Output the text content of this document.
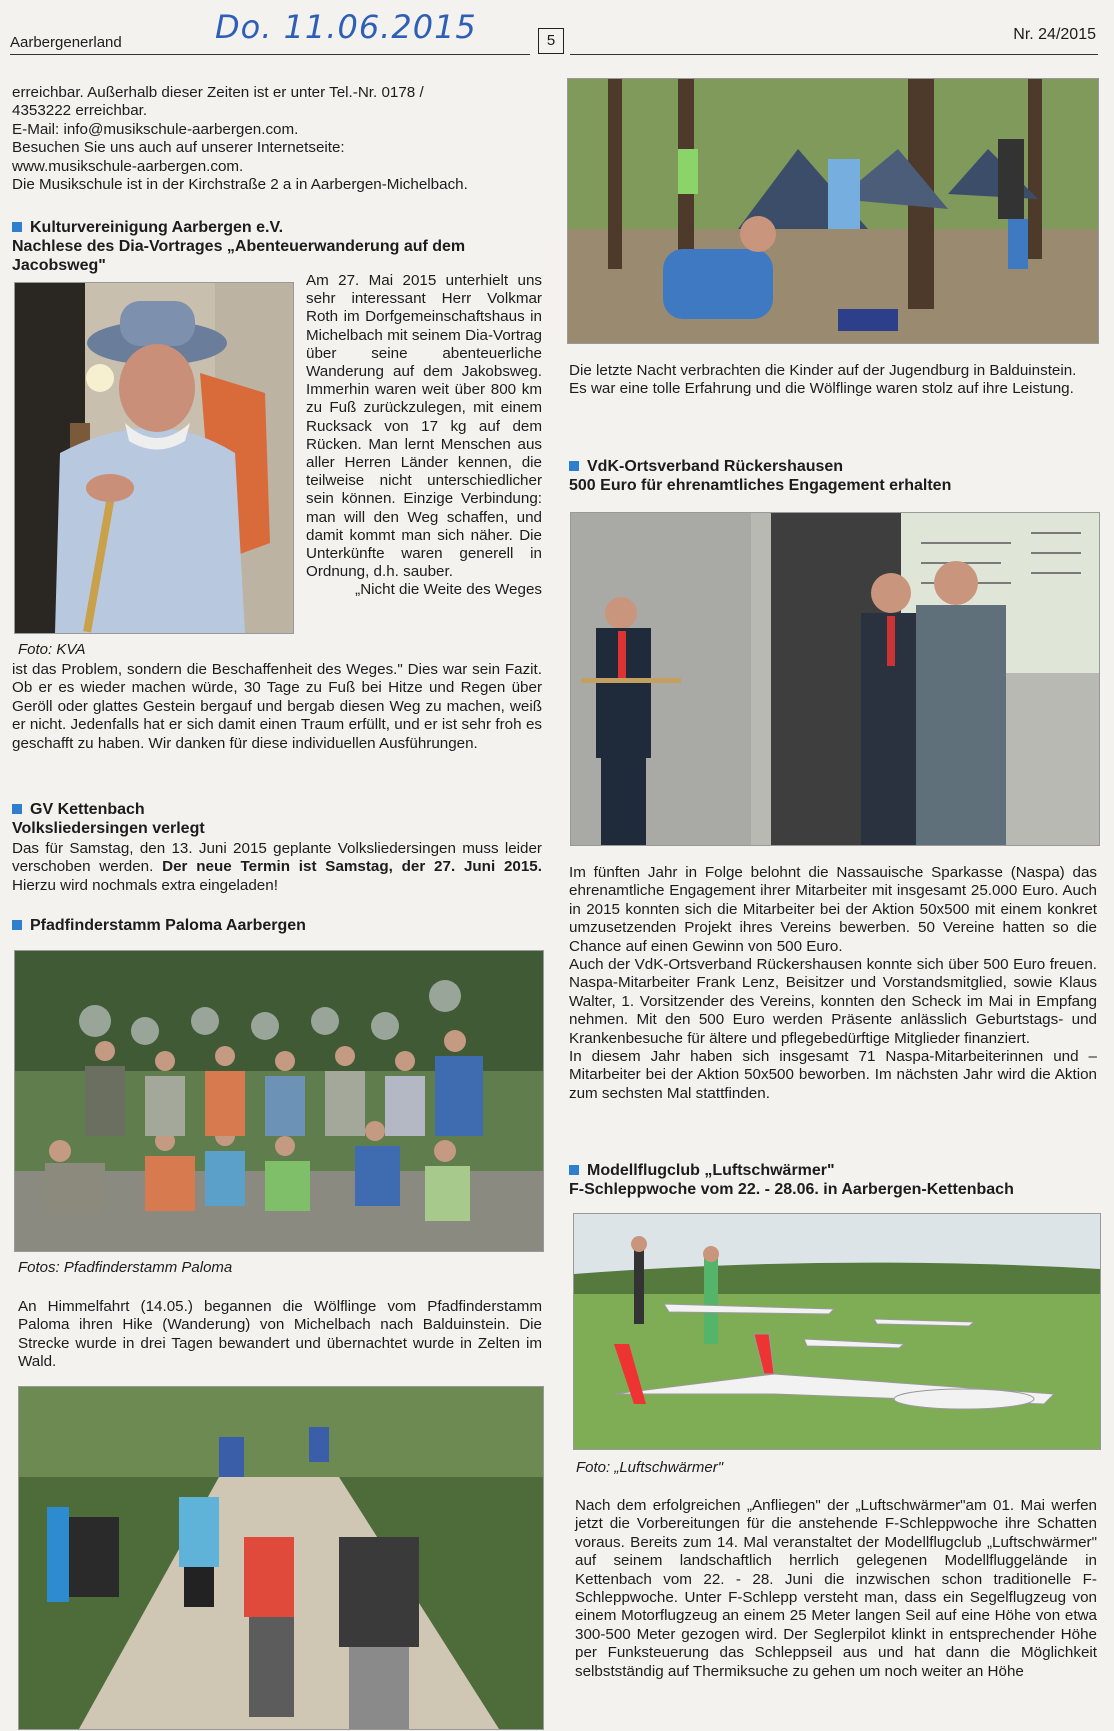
Aarbergenerland	Do. 11.06.2015	5	Nr. 24/2015

erreichbar. Außerhalb dieser Zeiten ist er unter Tel.-Nr. 0178 /

4353222 erreichbar.

E-Mail: info@musikschule-aarbergen.com.

Besuchen Sie uns auch auf unserer Internetseite:

www.musikschule-aarbergen.com.

Die Musikschule ist in der Kirchstraße 2 a in Aarbergen-Michelbach.

Kulturvereinigung Aarbergen e.V.
Nachlese des Dia-Vortrages „Abenteuerwanderung auf dem Jacobsweg"

Am 27. Mai 2015 unterhielt uns sehr interessant Herr Volkmar Roth im Dorfgemeinschaftshaus in Michelbach mit seinem Dia-Vortrag über seine abenteuerliche Wanderung auf dem Jakobsweg. Immerhin waren weit über 800 km zu Fuß zurückzulegen, mit einem Rucksack von 17 kg auf dem Rücken. Man lernt Menschen aus aller Herren Länder kennen, die teilweise nicht unterschiedlicher sein können. Einzige Verbindung: man will den Weg schaffen, und damit kommt man sich näher. Die Unterkünfte waren generell in Ordnung, d.h. sauber.

„Nicht die Weite des Weges

Foto: KVA
ist das Problem, sondern die Beschaffenheit des Weges." Dies war sein Fazit. Ob er es wieder machen würde, 30 Tage zu Fuß bei Hitze und Regen über Geröll oder glattes Gestein bergauf und bergab diesen Weg zu machen, weiß er nicht. Jedenfalls hat er sich damit einen Traum erfüllt, und er ist sehr froh es geschafft zu haben. Wir danken für diese individuellen Ausführungen.
GV Kettenbach
Volksliedersingen verlegt
Das für Samstag, den 13. Juni 2015 geplante Volksliedersingen muss leider verschoben werden. Der neue Termin ist Samstag, der 27. Juni 2015. Hierzu wird nochmals extra eingeladen!
Pfadfinderstamm Paloma Aarbergen
Fotos: Pfadfinderstamm Paloma
An Himmelfahrt (14.05.) begannen die Wölflinge vom Pfadfinderstamm Paloma ihren Hike (Wanderung) von Michelbach nach Balduinstein. Die Strecke wurde in drei Tagen bewandert und übernachtet wurde in Zelten im Wald.

Die letzte Nacht verbrachten die Kinder auf der Jugendburg in Balduinstein.

Es war eine tolle Erfahrung und die Wölflinge waren stolz auf ihre Leistung.

VdK-Ortsverband Rückershausen
500 Euro für ehrenamtliches Engagement erhalten

Im fünften Jahr in Folge belohnt die Nassauische Sparkasse (Naspa) das ehrenamtliche Engagement ihrer Mitarbeiter mit insgesamt 25.000 Euro. Auch in 2015 konnten sich die Mitarbeiter bei der Aktion 50x500 mit einem konkret umzusetzenden Projekt ihres Vereins bewerben. 50 Vereine hatten so die Chance auf einen Gewinn von 500 Euro.

Auch der VdK-Ortsverband Rückershausen konnte sich über 500 Euro freuen. Naspa-Mitarbeiter Frank Lenz, Beisitzer und Vorstandsmitglied, sowie Klaus Walter, 1. Vorsitzender des Vereins, konnten den Scheck im Mai in Empfang nehmen. Mit den 500 Euro werden Präsente anlässlich Geburtstags- und Krankenbesuche für ältere und pflegebedürftige Mitglieder finanziert.

In diesem Jahr haben sich insgesamt 71 Naspa-Mitarbeiterinnen und –Mitarbeiter bei der Aktion 50x500 beworben. Im nächsten Jahr wird die Aktion zum sechsten Mal stattfinden.

Modellflugclub „Luftschwärmer"
F-Schleppwoche vom 22. - 28.06. in Aarbergen-Kettenbach
Foto: „Luftschwärmer"
Nach dem erfolgreichen „Anfliegen" der „Luftschwärmer"am 01. Mai werfen jetzt die Vorbereitungen für die anstehende F-Schleppwoche ihre Schatten voraus. Bereits zum 14. Mal veranstaltet der Modellflugclub „Luftschwärmer" auf seinem landschaftlich herrlich gelegenen Modellfluggelände in Kettenbach vom 22. - 28. Juni die inzwischen schon traditionelle F-Schleppwoche. Unter F-Schlepp versteht man, dass ein Segelflugzeug von einem Motorflugzeug an einem 25 Meter langen Seil auf eine Höhe von etwa 300-500 Meter gezogen wird. Der Seglerpilot klinkt in entsprechender Höhe per Funksteuerung das Schleppseil aus und hat dann die Möglichkeit selbstständig auf Thermiksuche zu gehen um noch weiter an Höhe
